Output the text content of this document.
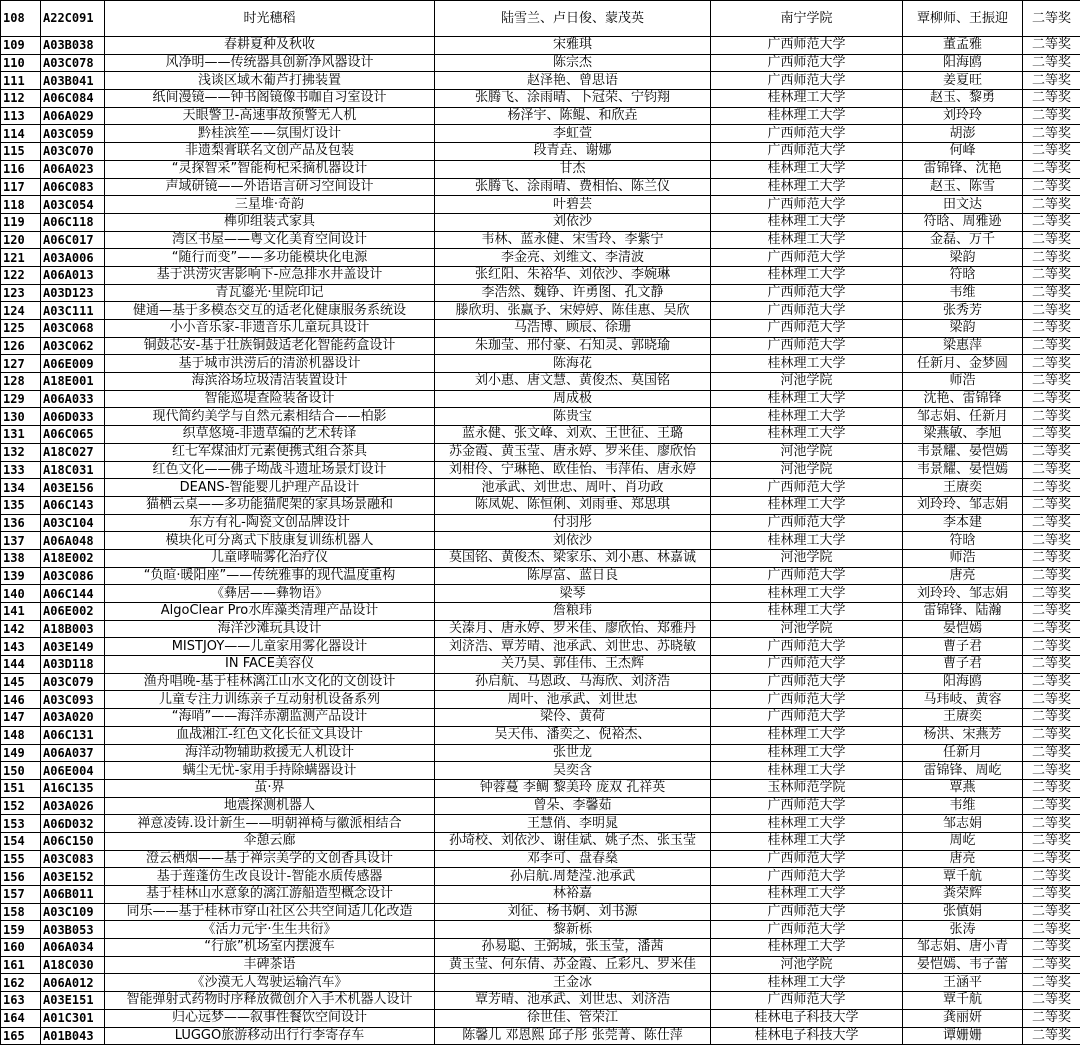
108	A22C091	时光穗稻	陆雪兰、卢日俊、蒙茂英	南宁学院	覃柳师、王振迎	二等奖
109	A03B038	春耕夏种及秋收	宋雅琪	广西师范大学	董孟雅	二等奖
110	A03C078	风净明——传统器具创新净风器设计	陈宗杰	广西师范大学	阳海鸥	二等奖
111	A03B041	浅谈区域木葡芦打拂装置	赵泽艳、曾思语	广西师范大学	姜夏旺	二等奖
112	A06C084	纸间漫镜——钟书阁镜像书咖自习室设计	张腾飞、涂雨晴、卜冠荣、宁钧翔	桂林理工大学	赵玉、黎勇	二等奖
113	A06A029	天眼警卫-高速事故预警无人机	杨泽宇、陈鲲、和欣垚	桂林理工大学	刘玲玲	二等奖
114	A03C059	黔桂滨笙——氛围灯设计	李虹萱	广西师范大学	胡澎	二等奖
115	A03C070	非遗梨膏联名文创产品及包装	段青垚、谢娜	广西师范大学	何峰	二等奖
116	A06A023	“灵探智采”智能枸杞采摘机器设计	甘杰	桂林理工大学	雷锦锋、沈艳	二等奖
117	A06C083	声域研镜——外语语言研习空间设计	张腾飞、涂雨晴、费相怡、陈兰仪	桂林理工大学	赵玉、陈雪	二等奖
118	A03C054	三星堆·奇韵	叶碧芸	广西师范大学	田文达	二等奖
119	A06C118	榫卯组装式家具	刘依沙	桂林理工大学	符晗、周雅逊	二等奖
120	A06C017	湾区书屋——粤文化美育空间设计	韦林、蓝永健、宋雪玲、李紫宁	桂林理工大学	金磊、万千	二等奖
121	A03A006	“随行而变”——多功能模块化电源	李金亮、刘维文、李清波	广西师范大学	梁韵	二等奖
122	A06A013	基于洪涝灾害影响下-应急排水井盖设计	张红阳、朱裕华、刘依沙、李婉琳	桂林理工大学	符晗	二等奖
123	A03D123	青瓦鎏光·里院印记	李浩然、魏铮、许勇图、孔文静	广西师范大学	韦维	二等奖
124	A03C111	健通—基于多模态交互的适老化健康服务系统设	滕欣玥、张赢予、宋婷婷、陈佳惠、吴欣	广西师范大学	张秀芳	二等奖
125	A03C068	小小音乐家-非遗音乐儿童玩具设计	马浩博、顾辰、徐珊	广西师范大学	梁韵	二等奖
126	A03C062	铜鼓芯安-基于壮族铜鼓适老化智能药盒设计	朱珈莹、邢付豪、石知灵、郭晓瑜	广西师范大学	梁惠萍	二等奖
127	A06E009	基于城市洪涝后的清淤机器设计	陈海花	桂林理工大学	任新月、金梦圆	二等奖
128	A18E001	海滨浴场垃圾清洁装置设计	刘小惠、唐文慧、黄俊杰、莫国铭	河池学院	师浩	二等奖
129	A06A033	智能巡堤查险装备设计	周成极	桂林理工大学	沈艳、雷锦锋	二等奖
130	A06D033	现代简约美学与自然元素相结合——柏影	陈贵宝	桂林理工大学	邹志娟、任新月	二等奖
131	A06C065	织草悠境-非遗草编的艺术转译	蓝永健、张文峰、刘欢、王世征、王璐	桂林理工大学	梁燕敏、李旭	二等奖
132	A18C027	红七军煤油灯元素便携式组合茶具	苏金霞、黄玉莹、唐永婷、罗米佳、廖欣怡	河池学院	韦景耀、晏恺嫣	二等奖
133	A18C031	红色文化——佛子坳战斗遗址场景灯设计	刘柑伶、宁琳艳、欧佳怡、韦萍佑、唐永婷	河池学院	韦景耀、晏恺嫣	二等奖
134	A03E156	DEANS-智能婴儿护理产品设计	池承武、刘世忠、周叶、肖功政	广西师范大学	王赓奕	二等奖
135	A06C143	猫栖云桌——多功能猫爬架的家具场景融和	陈凤妮、陈恒俐、刘雨垂、郑思琪	桂林理工大学	刘玲玲、邹志娟	二等奖
136	A03C104	东方有礼-陶瓷文创品牌设计	付羽彤	广西师范大学	李本建	二等奖
137	A06A048	模块化可分离式下肢康复训练机器人	刘依沙	桂林理工大学	符晗	二等奖
138	A18E002	儿童哮喘雾化治疗仪	莫国铭、黄俊杰、梁家乐、刘小惠、林嘉诚	河池学院	师浩	二等奖
139	A03C086	“负暄·暖阳座”——传统雅事的现代温度重构	陈厚富、蓝日良	广西师范大学	唐亮	二等奖
140	A06C144	《彝居——彝物语》	梁琴	桂林理工大学	刘玲玲、邹志娟	二等奖
141	A06E002	AlgoClear Pro水库藻类清理产品设计	詹粮玮	桂林理工大学	雷锦锋、陆瀚	二等奖
142	A18B003	海洋沙滩玩具设计	关溱月、唐永婷、罗米佳、廖欣怡、郑雅丹	河池学院	晏恺嫣	二等奖
143	A03E149	MISTJOY——儿童家用雾化器设计	刘济浩、覃芳晴、池承武、刘世忠、苏晓敏	广西师范大学	曹子君	二等奖
144	A03D118	IN FACE美容仪	关乃昊、郭佳伟、王杰辉	广西师范大学	曹子君	二等奖
145	A03C079	渔舟唱晚-基于桂林漓江山水文化的文创设计	孙启航、马恩政、马海欣、刘济浩	广西师范大学	阳海鸥	二等奖
146	A03C093	儿童专注力训练亲子互动射机设备系列	周叶、池承武、刘世忠	广西师范大学	马玮岐、黄容	二等奖
147	A03A020	“海哨”——海洋赤潮监测产品设计	梁伶、黄荷	广西师范大学	王赓奕	二等奖
148	A06C131	血战湘江-红色文化长征文具设计	吴天伟、潘奕之、倪裕杰、	桂林理工大学	杨洪、宋燕芳	二等奖
149	A06A037	海洋动物辅助救援无人机设计	张世龙	桂林理工大学	任新月	二等奖
150	A06E004	螨尘无忧-家用手持除螨器设计	吴奕含	桂林理工大学	雷锦锋、周屹	二等奖
151	A16C135	茧·界	钟蓉蔓 李鲷 黎美玲 庞双 孔祥英	玉林师范学院	覃燕	二等奖
152	A03A026	地震探测机器人	曾朵、李馨茹	广西师范大学	韦维	二等奖
153	A06D032	禅意凌铸.设计新生——明朝禅椅与徽派相结合	王慧俏、李明晁	桂林理工大学	邹志娟	二等奖
154	A06C150	伞憩云廊	孙埼校、刘依沙、谢佳斌、姚子杰、张玉莹	桂林理工大学	周屹	二等奖
155	A03C083	澄云栖烟——基于禅宗美学的文创香具设计	邓李可、盘春燊	广西师范大学	唐亮	二等奖
156	A03E152	基于莲蓬仿生改良设计-智能水质传感器	孙启航.周楚滢.池承武	广西师范大学	覃千航	二等奖
157	A06B011	基于桂林山水意象的漓江游船造型概念设计	林裕嘉	桂林理工大学	粪荣辉	二等奖
158	A03C109	同乐——基于桂林市穿山社区公共空间适儿化改造	刘征、杨书婀、刘书源	广西师范大学	张慎娟	二等奖
159	A03B053	《活力元宇·生生共衍》	黎新栎	广西师范大学	张涛	二等奖
160	A06A034	“行旅”机场室内摆渡车	孙易聪、王弼城，张玉莹，潘茜	桂林理工大学	邹志娟、唐小青	二等奖
161	A18C030	丰碑茶语	黄玉莹、何东倩、苏金霞、丘彩凡、罗米佳	河池学院	晏恺嫣、韦子蕾	二等奖
162	A06A012	《沙漠无人驾驶运输汽车》	王金冰	桂林理工大学	王涵平	二等奖
163	A03E151	智能弹射式药物时序释放微创介入手术机器人设计	覃芳晴、池承武、刘世忠、刘济浩	广西师范大学	覃千航	二等奖
164	A01C301	归心远梦——叙事性餐饮空间设计	徐世佳、管荣江	桂林电子科技大学	龚丽妍	二等奖
165	A01B043	LUGGO旅游移动出行行李寄存车	陈馨儿 邓恩熙 邱子彤 张莞菁、陈仕萍	桂林电子科技大学	谭姗姗	二等奖
